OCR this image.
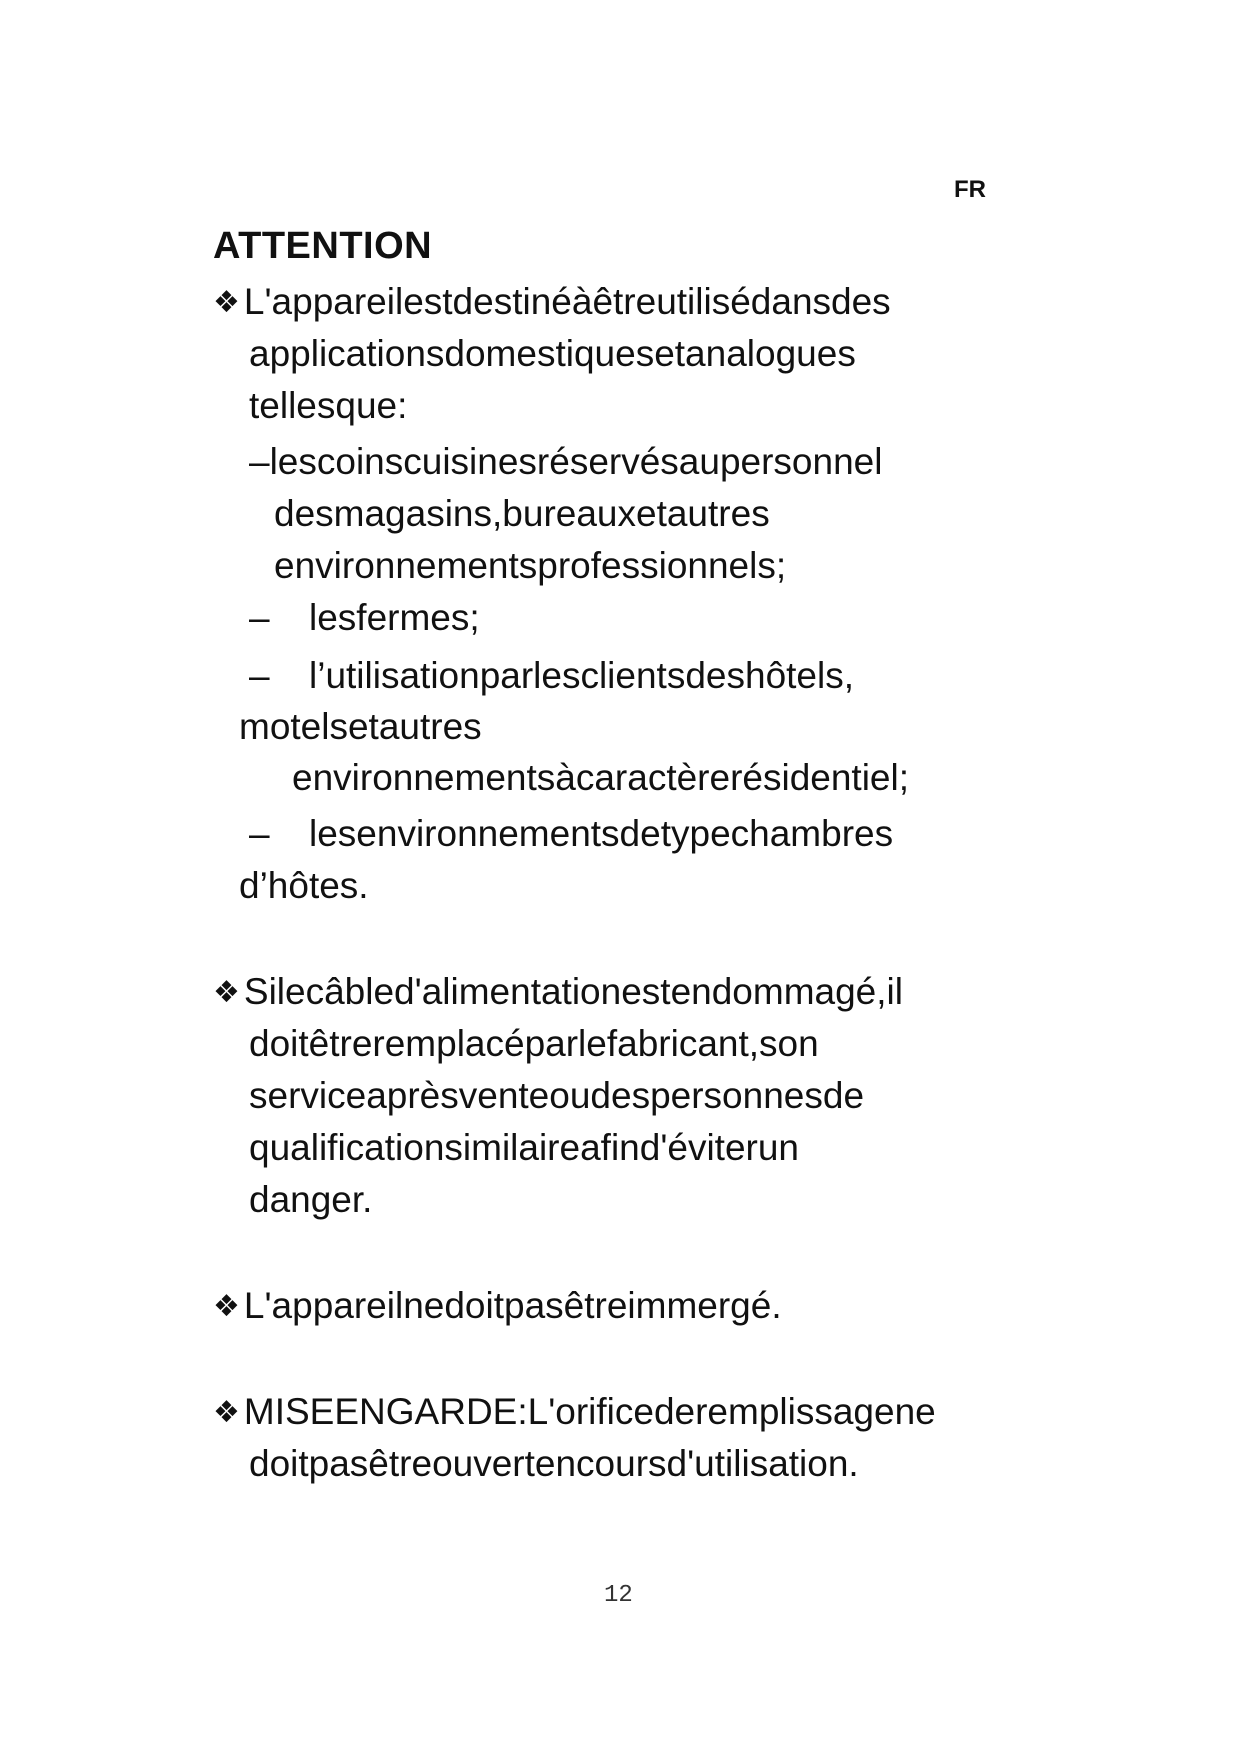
FR
ATTENTION
❖ L'appareilestdestinéàêtreutilisédansdes
applicationsdomestiquesetanalogues
tellesque:
–lescoinscuisinesréservésaupersonnel
desmagasins,bureauxetautres
environnementsprofessionnels;
– lesfermes;
– l’utilisationparlesclientsdeshôtels,
motelsetautres
environnementsàcaractèrerésidentiel;
– lesenvironnementsdetypechambres
d’hôtes.
❖ Silecâbled'alimentationestendommagé,il
doitêtreremplacéparlefabricant,son
serviceaprèsventeoudespersonnesde
qualificationsimilaireafind'éviterun
danger.
❖ L'appareilnedoitpasêtreimmergé.
❖ MISEENGARDE:L'orificederemplissagene
doitpasêtreouvertencoursd'utilisation.
12
